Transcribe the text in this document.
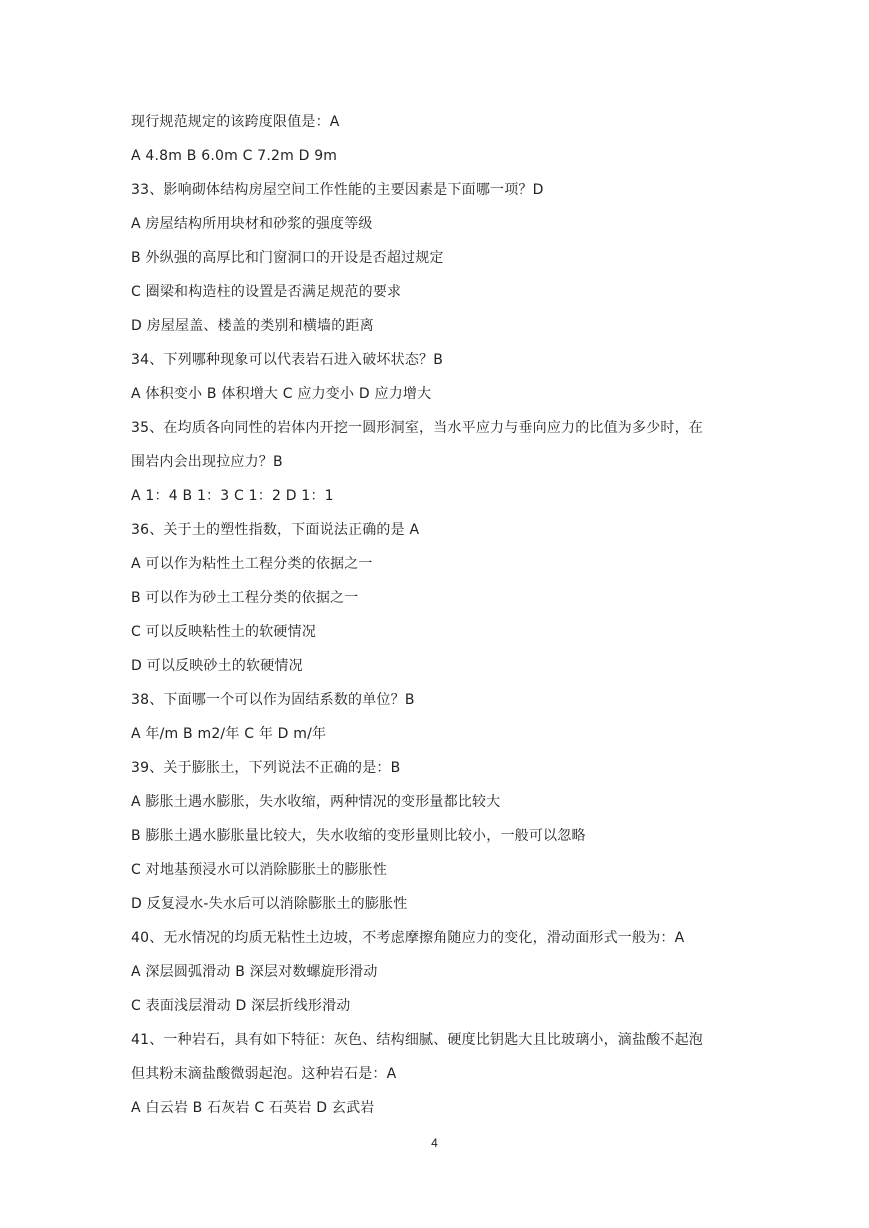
现行规范规定的该跨度限值是：A
A 4.8m B 6.0m C 7.2m D 9m
33、影响砌体结构房屋空间工作性能的主要因素是下面哪一项？D
A 房屋结构所用块材和砂浆的强度等级
B 外纵强的高厚比和门窗洞口的开设是否超过规定
C 圈梁和构造柱的设置是否满足规范的要求
D 房屋屋盖、楼盖的类别和横墙的距离
34、下列哪种现象可以代表岩石进入破坏状态？B
A 体积变小 B 体积增大 C 应力变小 D 应力增大
35、在均质各向同性的岩体内开挖一圆形洞室，当水平应力与垂向应力的比值为多少时，在
围岩内会出现拉应力？B
A 1：4 B 1：3 C 1：2 D 1：1
36、关于土的塑性指数，下面说法正确的是 A
A 可以作为粘性土工程分类的依据之一
B 可以作为砂土工程分类的依据之一
C 可以反映粘性土的软硬情况
D 可以反映砂土的软硬情况
38、下面哪一个可以作为固结系数的单位？B
A 年/m B m2/年 C 年 D m/年
39、关于膨胀土，下列说法不正确的是：B
A 膨胀土遇水膨胀，失水收缩，两种情况的变形量都比较大
B 膨胀土遇水膨胀量比较大，失水收缩的变形量则比较小，一般可以忽略
C 对地基预浸水可以消除膨胀土的膨胀性
D 反复浸水-失水后可以消除膨胀土的膨胀性
40、无水情况的均质无粘性土边坡，不考虑摩擦角随应力的变化，滑动面形式一般为：A
A 深层圆弧滑动 B 深层对数螺旋形滑动
C 表面浅层滑动 D 深层折线形滑动
41、一种岩石，具有如下特征：灰色、结构细腻、硬度比钥匙大且比玻璃小，滴盐酸不起泡
但其粉末滴盐酸微弱起泡。这种岩石是：A
A 白云岩 B 石灰岩 C 石英岩 D 玄武岩
4
